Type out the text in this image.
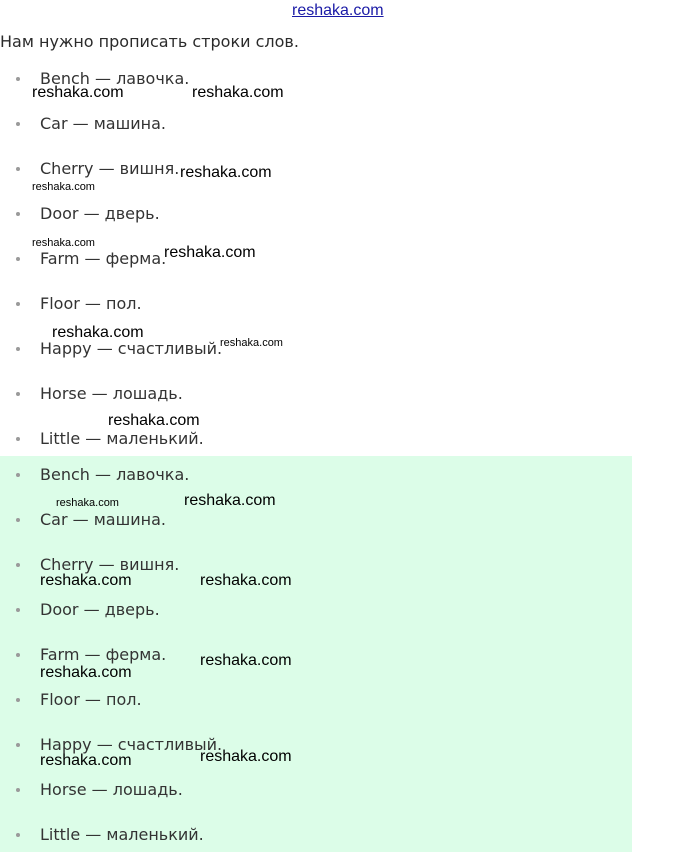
reshaka.com
Нам нужно прописать строки слов.
Bench — лавочка.
Car — машина.
Cherry — вишня.
Door — дверь.
Farm — ферма.
Floor — пол.
Happy — счастливый.
Horse — лошадь.
Little — маленький.
Bench — лавочка.
Car — машина.
Cherry — вишня.
Door — дверь.
Farm — ферма.
Floor — пол.
Happy — счастливый.
Horse — лошадь.
Little — маленький.
reshaka.com	reshaka.com
reshaka.com
reshaka.com
reshaka.com
reshaka.com
reshaka.com
reshaka.com
reshaka.com
reshaka.com	reshaka.com
reshaka.com	reshaka.com
reshaka.com
reshaka.com
reshaka.com
reshaka.com
